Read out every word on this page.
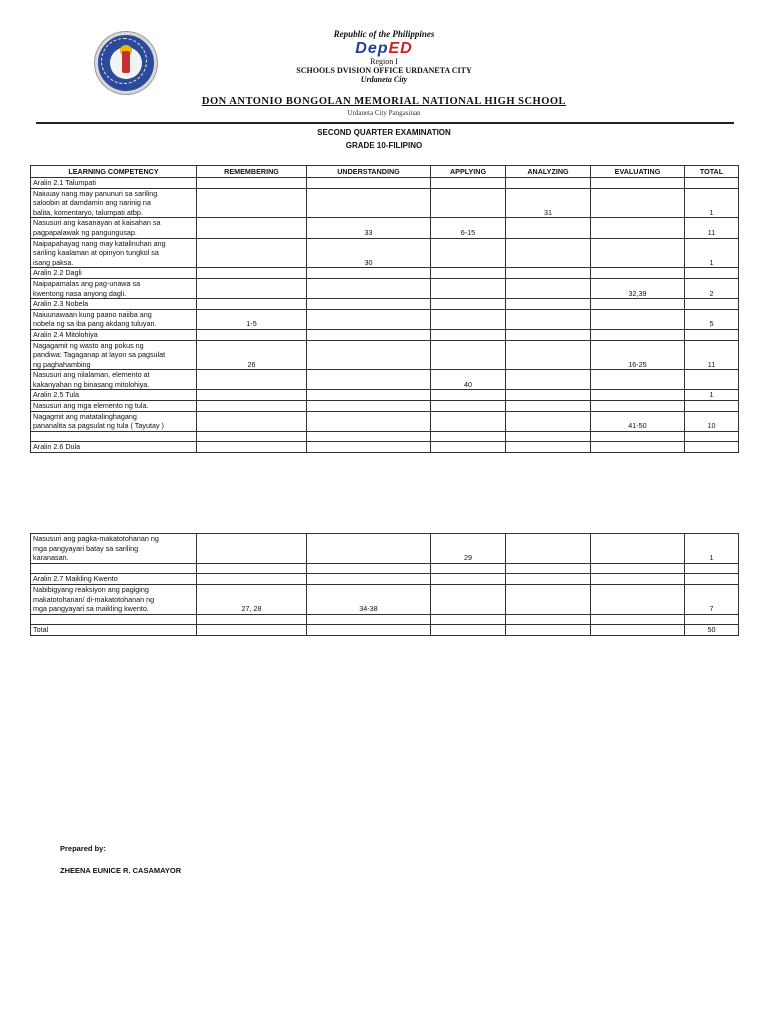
Republic of the Philippines
DepED
Region I
SCHOOLS DVISION OFFICE URDANETA CITY
Urdaneta City
DON ANTONIO BONGOLAN MEMORIAL NATIONAL HIGH SCHOOL
Urdaneta City Pangasinan
SECOND QUARTER EXAMINATION
GRADE 10-FILIPINO
LEARNING COMPETENCY	REMEMBERING	UNDERSTANDING	APPLYING	ANALYZING	EVALUATING	TOTAL

Aralin 2.1 Talumpati						

Naiuuay nang may panunuri sa sariling
saloobin at damdamin ang narinig na
balita, komentaryo, talumpati atbp.				31		1

Nasusuri ang kasanayan at kaisahan sa
pagpapalawak ng pangungusap.		33	6-15			11

Naipapahayag nang may katalinuhan ang
sariling kaalaman at opinyon tungkol sa
isang paksa.		30				1

Aralin 2.2 Dagli						

Naipapamalas ang pag-unawa sa
kwentong nasa anyong dagli.					32,39	2

Aralin 2.3 Nobela						

Naiuunawaan kung paano naiiba ang
nobela ng sa iba pang akdang tuluyan.	1-5					5

Aralin 2.4 Mitolohiya						

Nagagamit ng wasto ang pokus ng
pandiwa: Tagaganap at layon sa pagsulat
ng paghahambing	26				16-25	11

Nasusuri ang nilalaman, elemento at
kakanyahan ng binasang mitolohiya.			40			

Aralin 2.5 Tula						1

Nasusuri ang mga elemento ng tula.						

Nagagmit ang matatalinghagang
pananalita sa pagsulat ng tula ( Tayutay )					41-50	10

Aralin 2.6 Dula						

Nasusuri ang pagka-makatotohanan ng
mga pangyayari batay sa sariling
karanasan.			29			1

Aralin 2.7 Maikling Kwento						

Nabibigyang reaksiyon ang pagiging
makatotohanan/ di-makatotohanan ng
mga pangyayari sa maikling kwento.	27, 28	34-38				7

Total						50
Prepared by:
ZHEENA EUNICE R. CASAMAYOR
